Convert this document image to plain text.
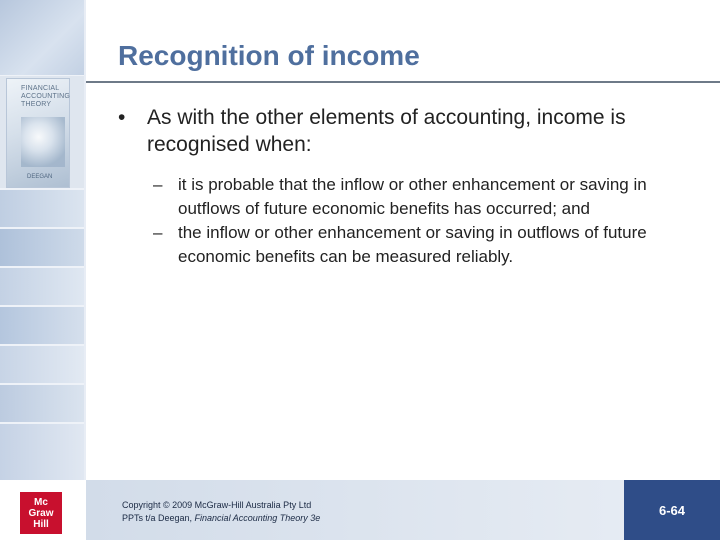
FINANCIAL
ACCOUNTING
THEORY
DEEGAN
Recognition of income

• As with the other elements of accounting, income is recognised when:

– it is probable that the inflow or other enhancement or saving in outflows of future economic benefits has occurred; and

– the inflow or other enhancement or saving in outflows of future economic benefits can be measured reliably.

Mc
Graw
Hill
Copyright © 2009 McGraw-Hill Australia Pty Ltd
PPTs t/a Deegan, Financial Accounting Theory 3e
6-64
